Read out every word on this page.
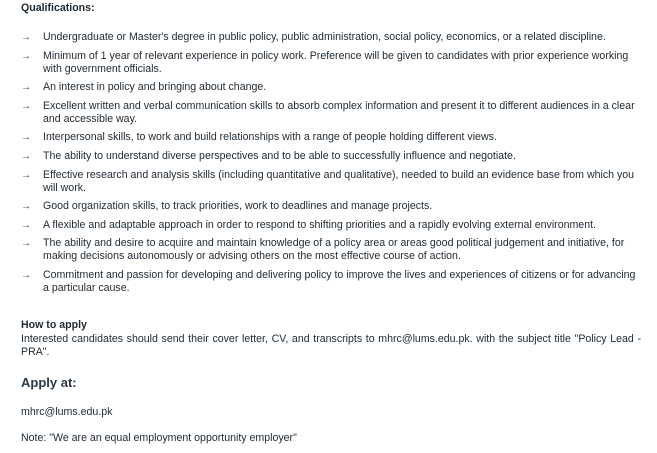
Qualifications:
→	Undergraduate or Master's degree in public policy, public administration, social policy, economics, or a related discipline.
→	Minimum of 1 year of relevant experience in policy work. Preference will be given to candidates with prior experience working with government officials.
→	An interest in policy and bringing about change.
→	Excellent written and verbal communication skills to absorb complex information and present it to different audiences in a clear and accessible way.
→	Interpersonal skills, to work and build relationships with a range of people holding different views.
→	The ability to understand diverse perspectives and to be able to successfully influence and negotiate.
→	Effective research and analysis skills (including quantitative and qualitative), needed to build an evidence base from which you will work.
→	Good organization skills, to track priorities, work to deadlines and manage projects.
→	A flexible and adaptable approach in order to respond to shifting priorities and a rapidly evolving external environment.
→	The ability and desire to acquire and maintain knowledge of a policy area or areas good political judgement and initiative, for making decisions autonomously or advising others on the most effective course of action.
→	Commitment and passion for developing and delivering policy to improve the lives and experiences of citizens or for advancing a particular cause.
How to apply
Interested candidates should send their cover letter, CV, and transcripts to mhrc@lums.edu.pk. with the subject title "Policy Lead - PRA".
Apply at:
mhrc@lums.edu.pk
Note: "We are an equal employment opportunity employer"
